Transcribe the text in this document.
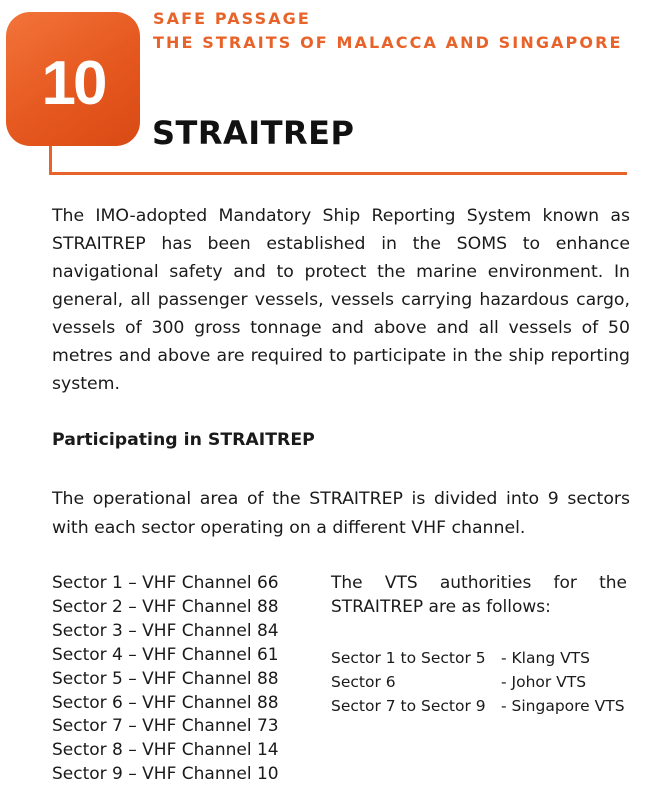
10
SAFE PASSAGE
THE STRAITS OF MALACCA AND SINGAPORE
STRAITREP

The IMO-adopted Mandatory Ship Reporting System known as STRAITREP has been established in the SOMS to enhance navigational safety and to protect the marine environment. In general, all passenger vessels, vessels carrying hazardous cargo, vessels of 300 gross tonnage and above and all vessels of 50 metres and above are required to participate in the ship reporting system.

Participating in STRAITREP

The operational area of the STRAITREP is divided into 9 sectors with each sector operating on a different VHF channel.

Sector 1 – VHF Channel 66
Sector 2 – VHF Channel 88
Sector 3 – VHF Channel 84
Sector 4 – VHF Channel 61
Sector 5 – VHF Channel 88
Sector 6 – VHF Channel 88
Sector 7 – VHF Channel 73
Sector 8 – VHF Channel 14
Sector 9 – VHF Channel 10

The VTS authorities for the STRAITREP are as follows:

Sector 1 to Sector 5 - Klang VTS
Sector 6	- Johor VTS
Sector 7 to Sector 9 - Singapore VTS
